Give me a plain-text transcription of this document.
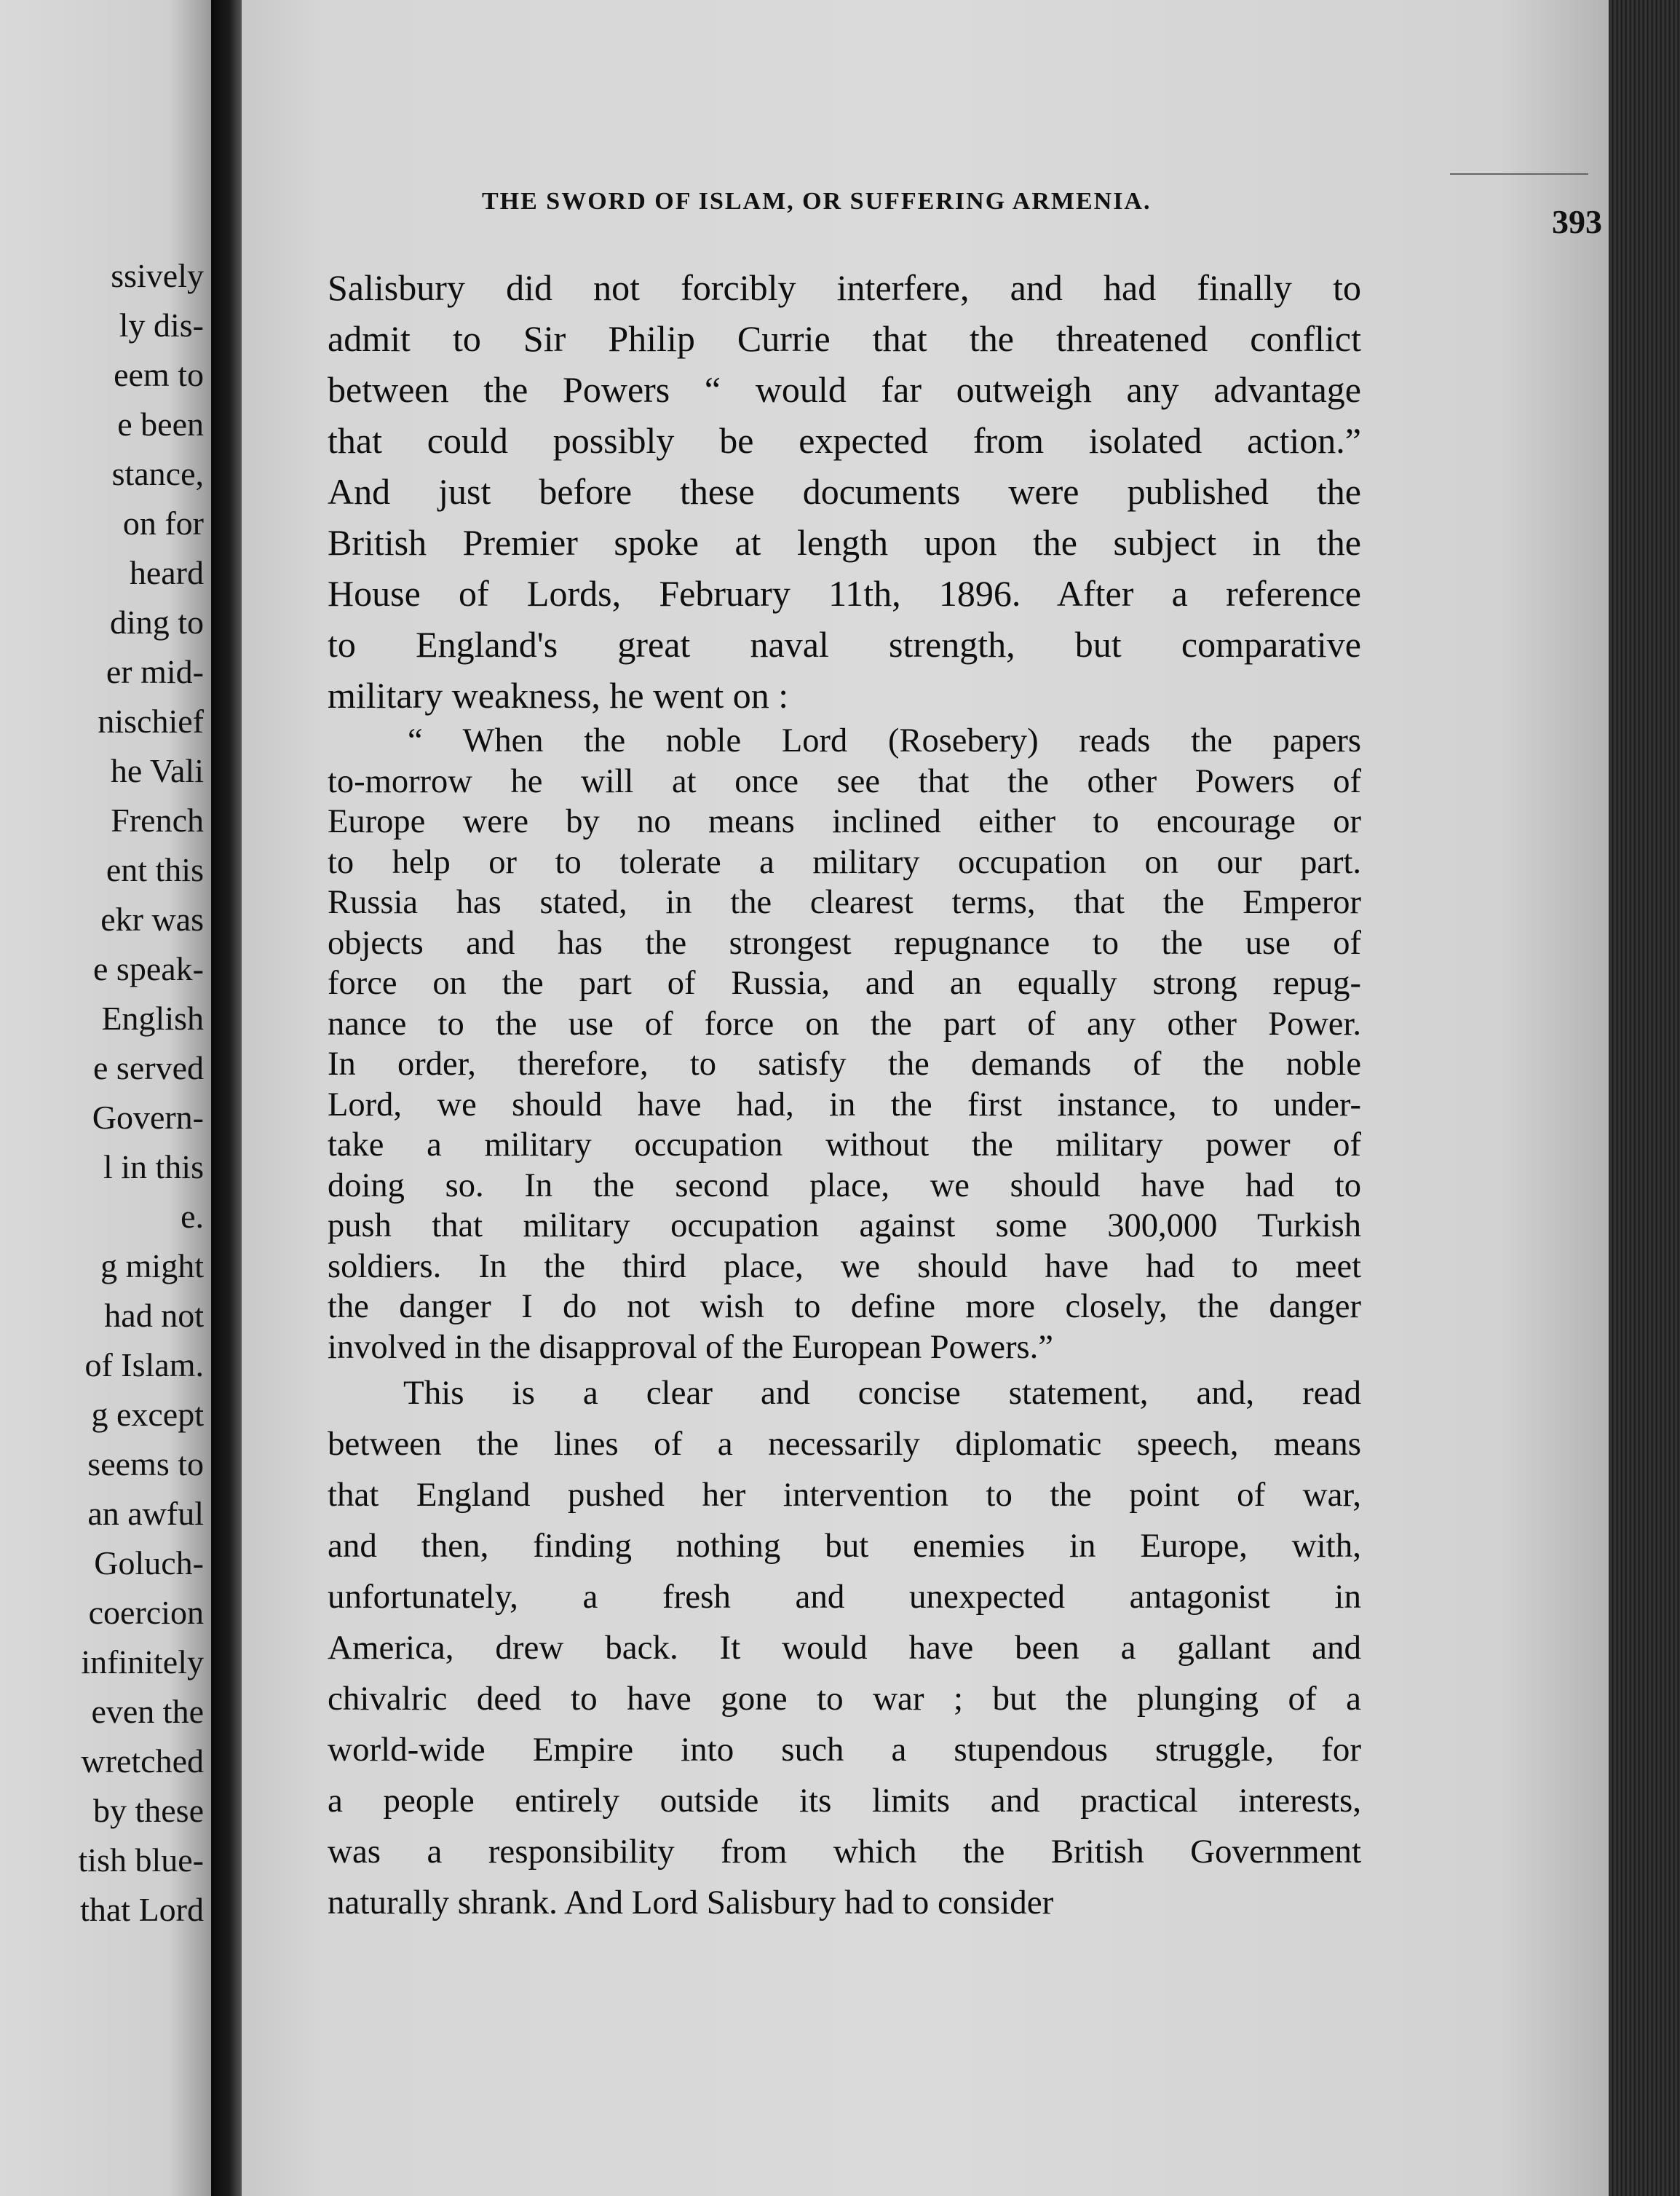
ssively
ly dis-
eem to
e been
stance,
on for
heard
ding to
er mid-
nischief
he Vali
French
ent this
ekr was
e speak-
English
e served
Govern-
l in this
e.
g might
had not
of Islam.
g except
seems to
an awful
Goluch-
coercion
infinitely
even the
wretched
by these
tish blue-
that Lord
THE SWORD OF ISLAM, OR SUFFERING ARMENIA.
393
Salisbury did not forcibly interfere, and had finally to
admit to Sir Philip Currie that the threatened conflict
between the Powers “ would far outweigh any advantage
that could possibly be expected from isolated action.”
And just before these documents were published the
British Premier spoke at length upon the subject in the
House of Lords, February 11th, 1896. After a reference
to England's great naval strength, but comparative
military weakness, he went on :
“ When the noble Lord (Rosebery) reads the papers
to-morrow he will at once see that the other Powers of
Europe were by no means inclined either to encourage or
to help or to tolerate a military occupation on our part.
Russia has stated, in the clearest terms, that the Emperor
objects and has the strongest repugnance to the use of
force on the part of Russia, and an equally strong repug-
nance to the use of force on the part of any other Power.
In order, therefore, to satisfy the demands of the noble
Lord, we should have had, in the first instance, to under-
take a military occupation without the military power of
doing so. In the second place, we should have had to
push that military occupation against some 300,000 Turkish
soldiers. In the third place, we should have had to meet
the danger I do not wish to define more closely, the danger
involved in the disapproval of the European Powers.”
This is a clear and concise statement, and, read
between the lines of a necessarily diplomatic speech, means
that England pushed her intervention to the point of war,
and then, finding nothing but enemies in Europe, with,
unfortunately, a fresh and unexpected antagonist in
America, drew back. It would have been a gallant and
chivalric deed to have gone to war ; but the plunging of a
world-wide Empire into such a stupendous struggle, for
a people entirely outside its limits and practical interests,
was a responsibility from which the British Government
naturally shrank. And Lord Salisbury had to consider
